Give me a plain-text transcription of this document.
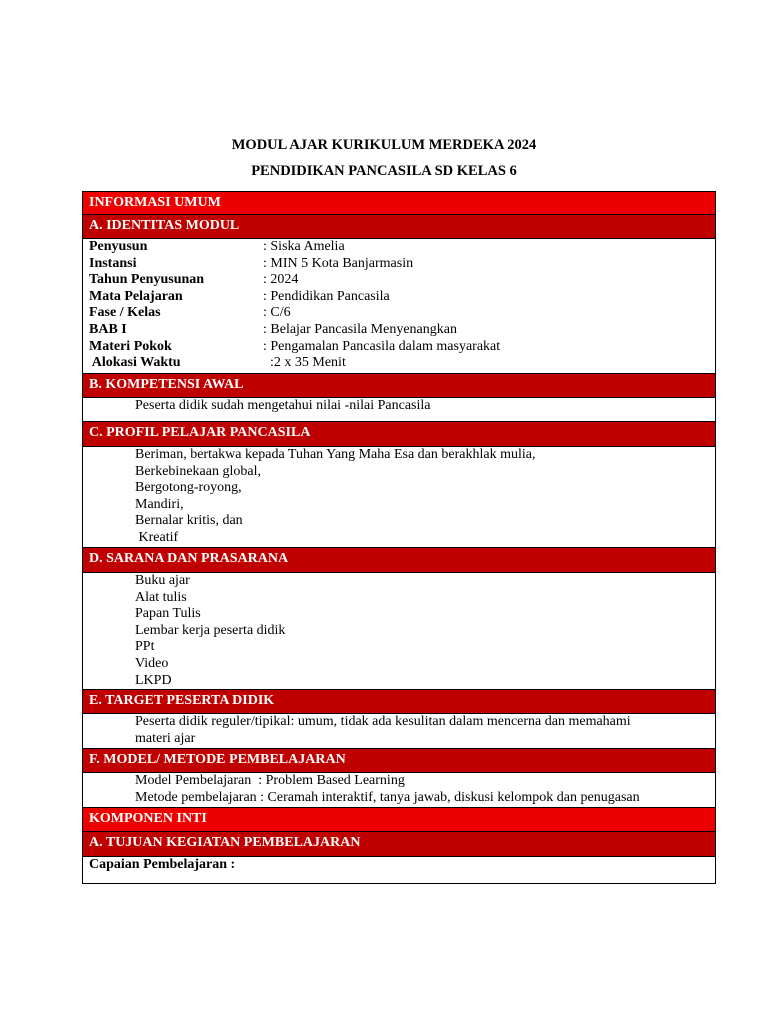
MODUL AJAR KURIKULUM MERDEKA 2024
PENDIDIKAN PANCASILA SD KELAS 6
INFORMASI UMUM
A. IDENTITAS MODUL
Penyusun	: Siska Amelia
Instansi	: MIN 5 Kota Banjarmasin
Tahun Penyusunan	: 2024
Mata Pelajaran	: Pendidikan Pancasila
Fase / Kelas	: C/6
BAB I	: Belajar Pancasila Menyenangkan
Materi Pokok	: Pengamalan Pancasila dalam masyarakat
Alokasi Waktu	:2 x 35 Menit
B. KOMPETENSI AWAL
Peserta didik sudah mengetahui nilai -nilai Pancasila
C. PROFIL PELAJAR PANCASILA
Beriman, bertakwa kepada Tuhan Yang Maha Esa dan berakhlak mulia,
Berkebinekaan global,
Bergotong-royong,
Mandiri,
Bernalar kritis, dan
Kreatif
D. SARANA DAN PRASARANA
Buku ajar
Alat tulis
Papan Tulis
Lembar kerja peserta didik
PPt
Video
LKPD
E. TARGET PESERTA DIDIK
Peserta didik reguler/tipikal: umum, tidak ada kesulitan dalam mencerna dan memahami
materi ajar
F. MODEL/ METODE PEMBELAJARAN
Model Pembelajaran  : Problem Based Learning
Metode pembelajaran : Ceramah interaktif, tanya jawab, diskusi kelompok dan penugasan
KOMPONEN INTI
A. TUJUAN KEGIATAN PEMBELAJARAN
Capaian Pembelajaran :
